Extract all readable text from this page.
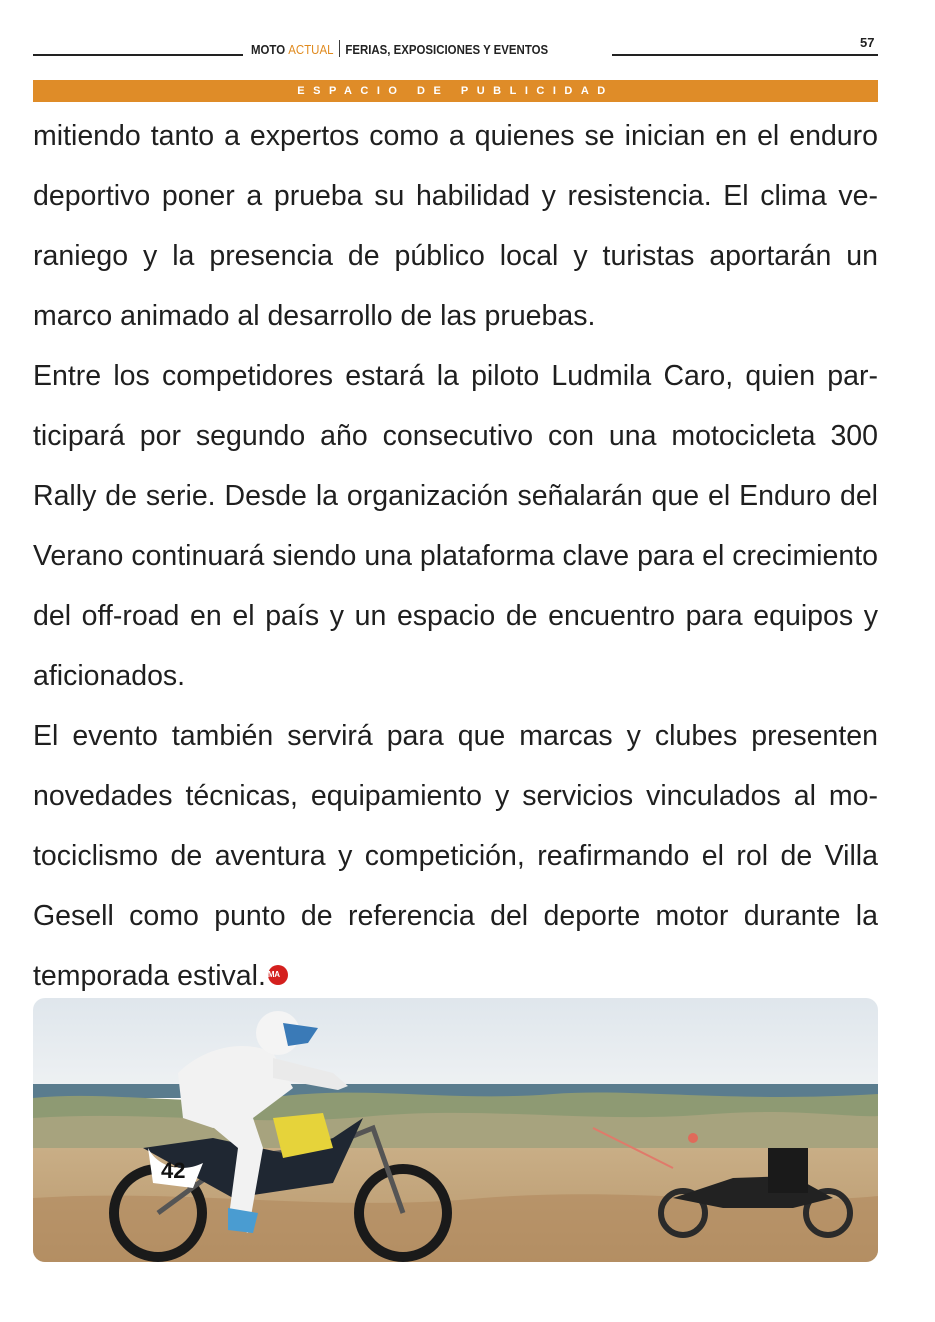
MOTO ACTUAL FERIAS, EXPOSICIONES Y EVENTOS	57
ESPACIO DE PUBLICIDAD

mitiendo tanto a expertos como a quienes se inician en el enduro deportivo poner a prueba su habilidad y resistencia. El clima veraniego y la presencia de público local y turistas aportarán un marco animado al desarrollo de las pruebas.

Entre los competidores estará la piloto Ludmila Caro, quien participará por segundo año consecutivo con una motocicleta 300 Rally de serie. Desde la organización señalarán que el Enduro del Verano continuará siendo una plataforma clave para el crecimiento del off-road en el país y un espacio de encuentro para equipos y aficionados.

El evento también servirá para que marcas y clubes presenten novedades técnicas, equipamiento y servicios vinculados al motociclismo de aventura y competición, reafirmando el rol de Villa Gesell como punto de referencia del deporte motor durante la temporada estival. MA

42
